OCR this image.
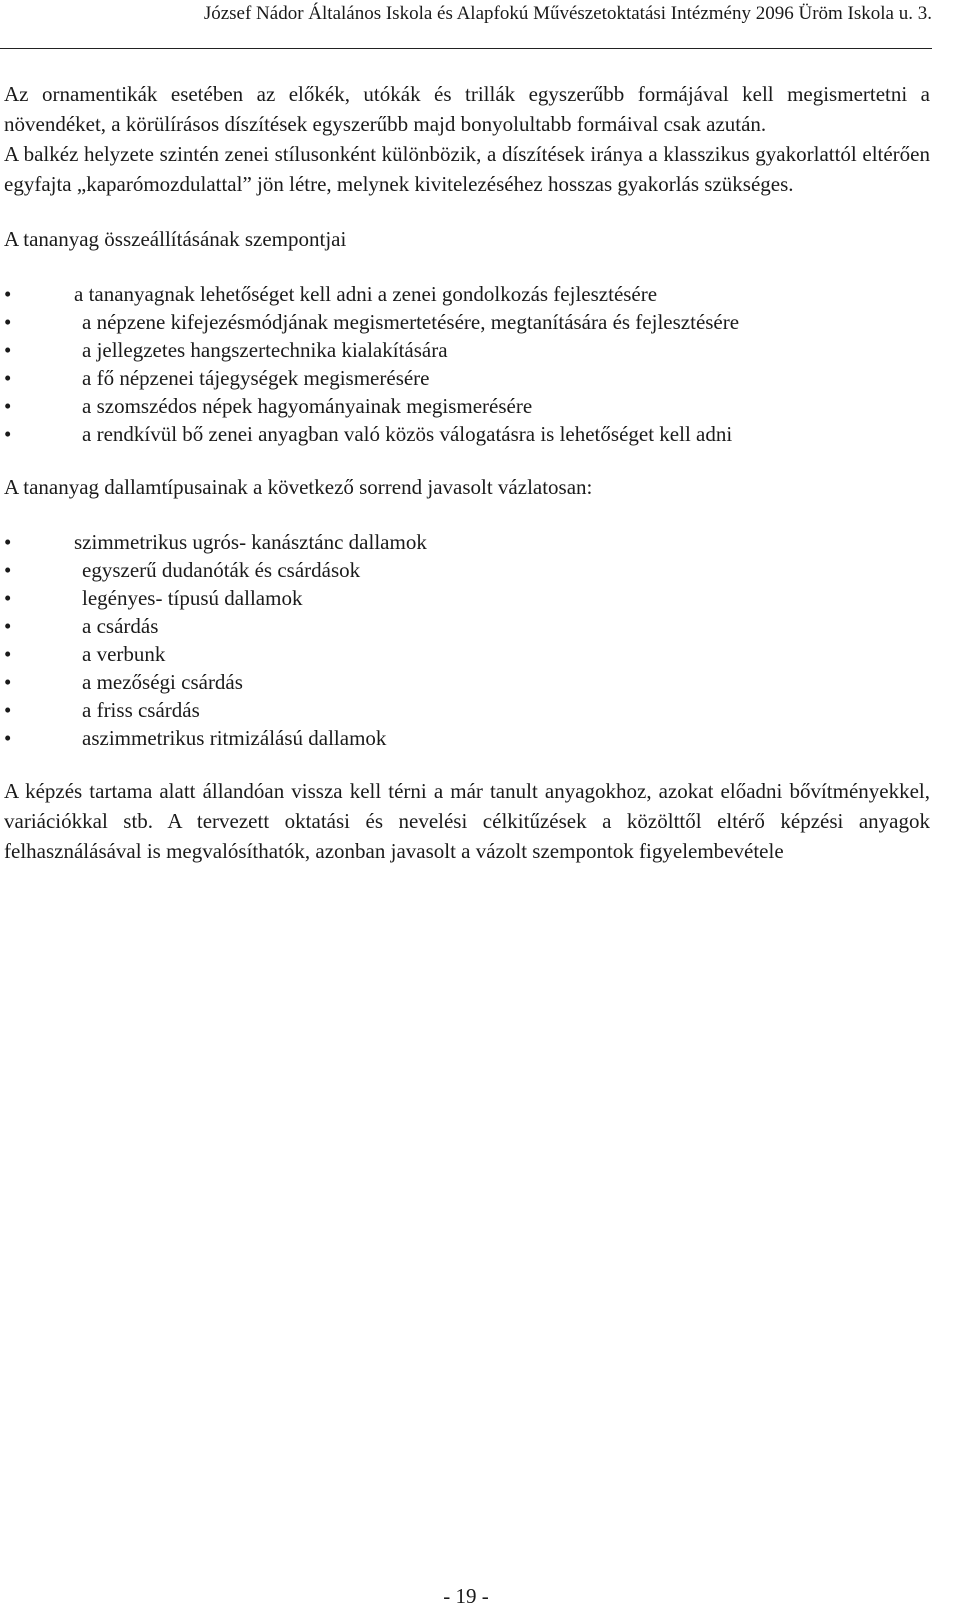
József Nádor Általános Iskola és Alapfokú Művészetoktatási Intézmény 2096 Üröm Iskola u. 3.

Az ornamentikák esetében az előkék, utókák és trillák egyszerűbb formájával kell megismertetni a növendéket, a körülírásos díszítések egyszerűbb majd bonyolultabb formáival csak azután.

A balkéz helyzete szintén zenei stílusonként különbözik, a díszítések iránya a klasszikus gyakorlattól eltérően egyfajta „kaparómozdulattal” jön létre, melynek kivitelezéséhez hosszas gyakorlás szükséges.

A tananyag összeállításának szempontjai

• a tananyagnak lehetőséget kell adni a zenei gondolkozás fejlesztésére
• a népzene kifejezésmódjának megismertetésére, megtanítására és fejlesztésére
• a jellegzetes hangszertechnika kialakítására
• a fő népzenei tájegységek megismerésére
• a szomszédos népek hagyományainak megismerésére
• a rendkívül bő zenei anyagban való közös válogatásra is lehetőséget kell adni

A tananyag dallamtípusainak a következő sorrend javasolt vázlatosan:

• szimmetrikus ugrós- kanásztánc dallamok
• egyszerű dudanóták és csárdások
• legényes- típusú dallamok
• a csárdás
• a verbunk
• a mezőségi csárdás
• a friss csárdás
• aszimmetrikus ritmizálású dallamok

A képzés tartama alatt állandóan vissza kell térni a már tanult anyagokhoz, azokat előadni bővítményekkel, variációkkal stb. A tervezett oktatási és nevelési célkitűzések a közölttől eltérő képzési anyagok felhasználásával is megvalósíthatók, azonban javasolt a vázolt szempontok figyelembevétele

- 19 -
